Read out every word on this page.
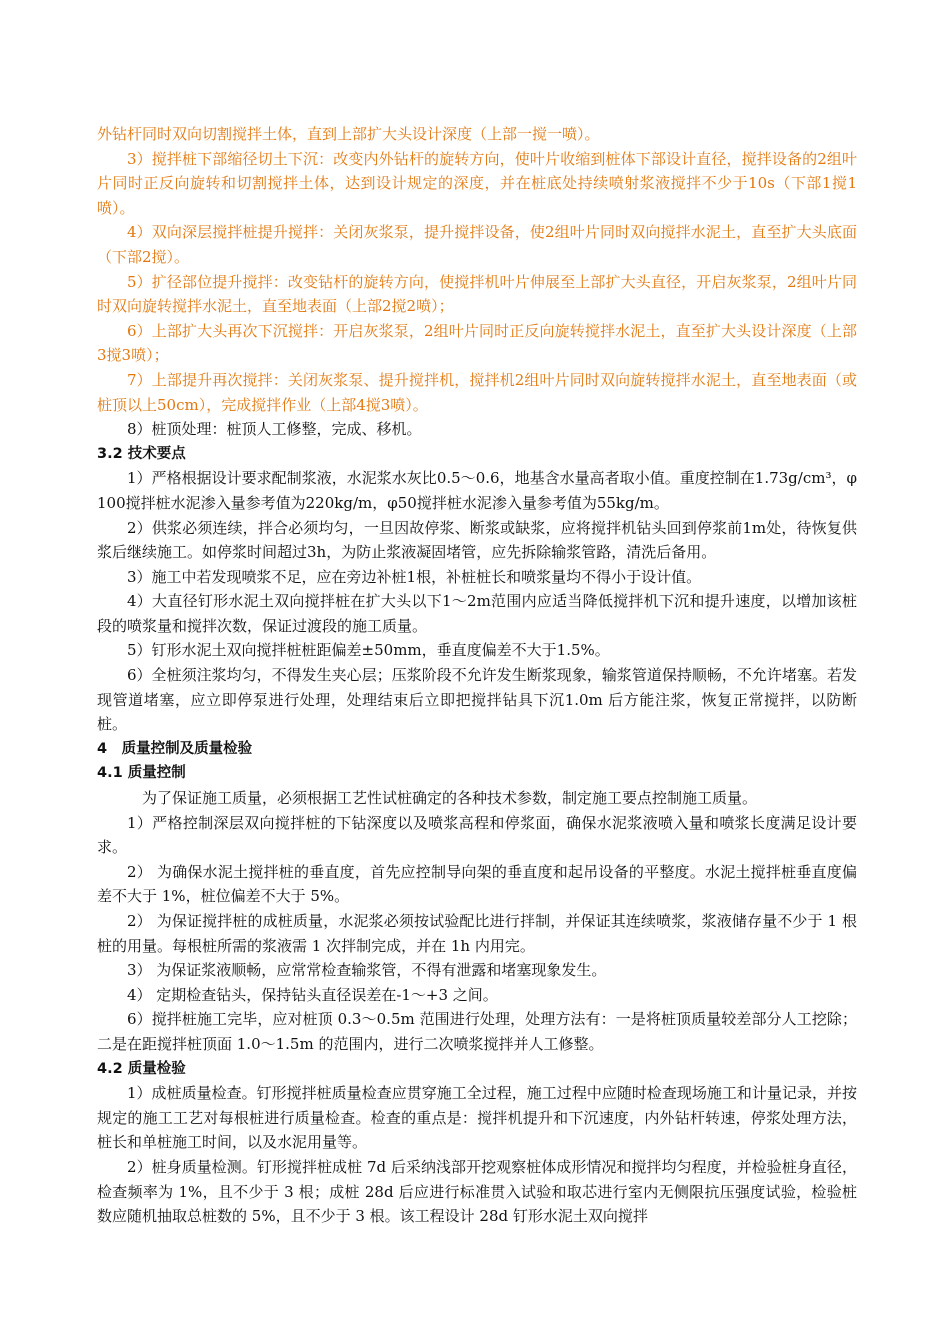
外钻杆同时双向切割搅拌土体，直到上部扩大头设计深度（上部一搅一喷）。

3）搅拌桩下部缩径切土下沉：改变内外钻杆的旋转方向，使叶片收缩到桩体下部设计直径，搅拌设备的2组叶片同时正反向旋转和切割搅拌土体，达到设计规定的深度，并在桩底处持续喷射浆液搅拌不少于10s（下部1搅1喷）。

4）双向深层搅拌桩提升搅拌：关闭灰浆泵，提升搅拌设备，使2组叶片同时双向搅拌水泥土，直至扩大头底面（下部2搅）。

5）扩径部位提升搅拌：改变钻杆的旋转方向，使搅拌机叶片伸展至上部扩大头直径，开启灰浆泵，2组叶片同时双向旋转搅拌水泥土，直至地表面（上部2搅2喷）；

6）上部扩大头再次下沉搅拌：开启灰浆泵，2组叶片同时正反向旋转搅拌水泥土，直至扩大头设计深度（上部3搅3喷）；

7）上部提升再次搅拌：关闭灰浆泵、提升搅拌机，搅拌机2组叶片同时双向旋转搅拌水泥土，直至地表面（或桩顶以上50cm），完成搅拌作业（上部4搅3喷）。

8）桩顶处理：桩顶人工修整，完成、移机。

3.2 技术要点

1）严格根据设计要求配制浆液，水泥浆水灰比0.5～0.6，地基含水量高者取小值。重度控制在1.73g/cm³，φ100搅拌桩水泥渗入量参考值为220kg/m，φ50搅拌桩水泥渗入量参考值为55kg/m。

2）供浆必须连续，拌合必须均匀，一旦因故停浆、断浆或缺浆，应将搅拌机钻头回到停浆前1m处，待恢复供浆后继续施工。如停浆时间超过3h，为防止浆液凝固堵管，应先拆除输浆管路，清洗后备用。

3）施工中若发现喷浆不足，应在旁边补桩1根，补桩桩长和喷浆量均不得小于设计值。

4）大直径钉形水泥土双向搅拌桩在扩大头以下1～2m范围内应适当降低搅拌机下沉和提升速度，以增加该桩段的喷浆量和搅拌次数，保证过渡段的施工质量。

5）钉形水泥土双向搅拌桩桩距偏差±50mm，垂直度偏差不大于1.5%。

6）全桩须注浆均匀，不得发生夹心层；压浆阶段不允许发生断浆现象，输浆管道保持顺畅，不允许堵塞。若发现管道堵塞，应立即停泵进行处理，处理结束后立即把搅拌钻具下沉1.0m 后方能注浆，恢复正常搅拌，以防断桩。

4　质量控制及质量检验
4.1 质量控制

为了保证施工质量，必须根据工艺性试桩确定的各种技术参数，制定施工要点控制施工质量。

1）严格控制深层双向搅拌桩的下钻深度以及喷浆高程和停浆面，确保水泥浆液喷入量和喷浆长度满足设计要求。

2） 为确保水泥土搅拌桩的垂直度，首先应控制导向架的垂直度和起吊设备的平整度。水泥土搅拌桩垂直度偏差不大于 1%，桩位偏差不大于 5%。

2） 为保证搅拌桩的成桩质量，水泥浆必须按试验配比进行拌制，并保证其连续喷浆，浆液储存量不少于 1 根桩的用量。每根桩所需的浆液需 1 次拌制完成，并在 1h 内用完。

3） 为保证浆液顺畅，应常常检查输浆管，不得有泄露和堵塞现象发生。

4） 定期检查钻头，保持钻头直径误差在-1～+3 之间。

6）搅拌桩施工完毕，应对桩顶 0.3～0.5m 范围进行处理，处理方法有：一是将桩顶质量较差部分人工挖除；二是在距搅拌桩顶面 1.0～1.5m 的范围内，进行二次喷浆搅拌并人工修整。

4.2 质量检验

1）成桩质量检查。钉形搅拌桩质量检查应贯穿施工全过程，施工过程中应随时检查现场施工和计量记录，并按规定的施工工艺对每根桩进行质量检查。检查的重点是：搅拌机提升和下沉速度，内外钻杆转速，停浆处理方法，桩长和单桩施工时间，以及水泥用量等。

2）桩身质量检测。钉形搅拌桩成桩 7d 后采纳浅部开挖观察桩体成形情况和搅拌均匀程度，并检验桩身直径，检查频率为 1%，且不少于 3 根；成桩 28d 后应进行标准贯入试验和取芯进行室内无侧限抗压强度试验，检验桩数应随机抽取总桩数的 5%，且不少于 3 根。该工程设计 28d 钉形水泥土双向搅拌
